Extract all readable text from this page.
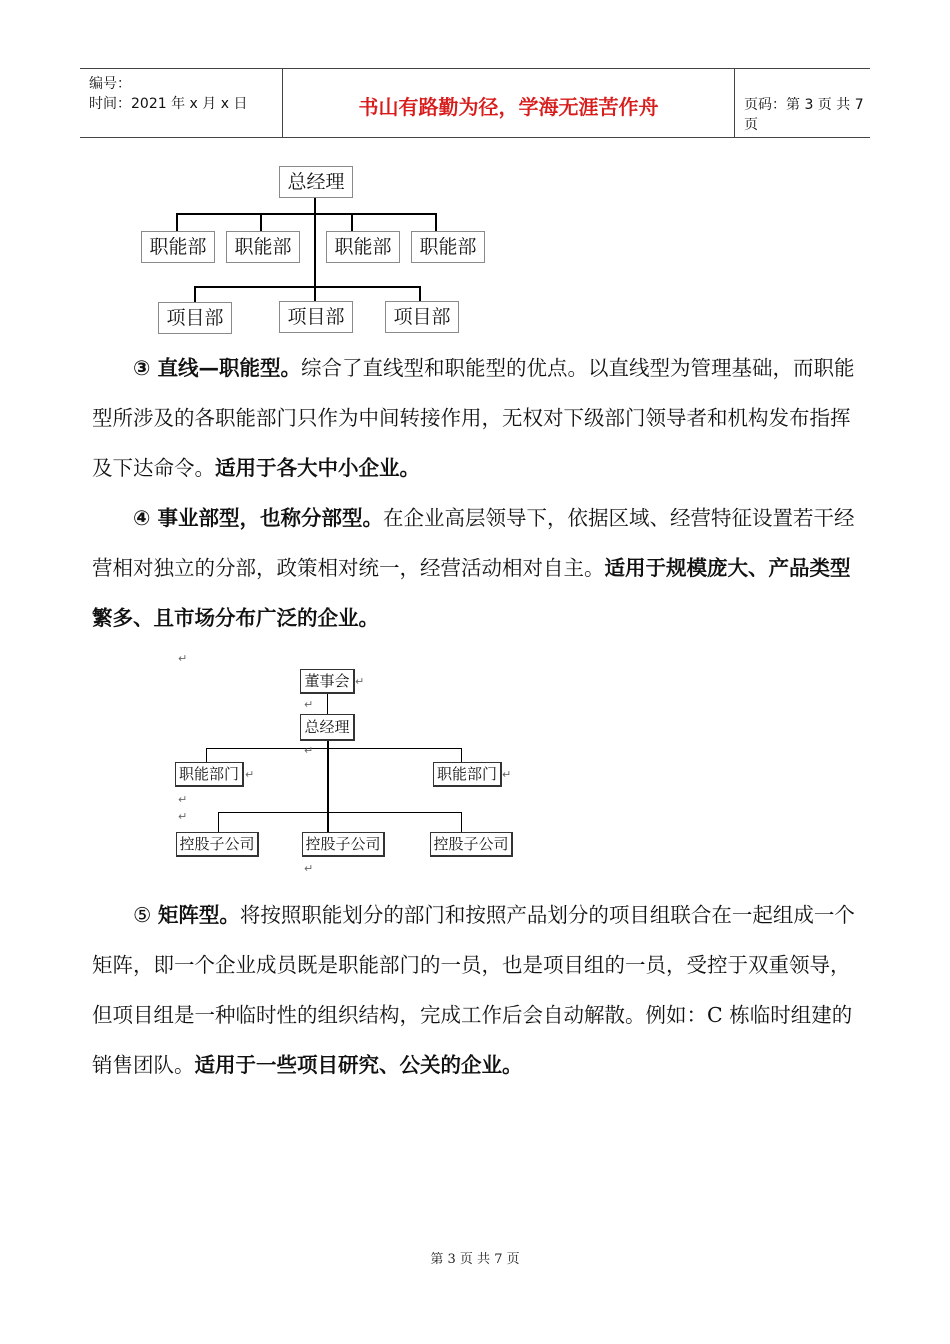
编号：
时间：2021 年 x 月 x 日	书山有路勤为径，学海无涯苦作舟	页码：第 3 页 共 7 页
总经理
职能部	职能部	职能部	职能部
项目部	项目部	项目部
③ 直线—职能型。综合了直线型和职能型的优点。以直线型为管理基础，而职能型所涉及的各职能部门只作为中间转接作用，无权对下级部门领导者和机构发布指挥及下达命令。适用于各大中小企业。
④ 事业部型，也称分部型。在企业高层领导下，依据区域、经营特征设置若干经营相对独立的分部，政策相对统一，经营活动相对自主。适用于规模庞大、产品类型繁多、且市场分布广泛的企业。
↵
董事会 ↵
↵
总经理
↵
职能部门 ↵	职能部门 ↵
↵
↵
控股子公司	控股子公司	控股子公司
↵
⑤ 矩阵型。将按照职能划分的部门和按照产品划分的项目组联合在一起组成一个矩阵，即一个企业成员既是职能部门的一员，也是项目组的一员，受控于双重领导，但项目组是一种临时性的组织结构，完成工作后会自动解散。例如：C 栋临时组建的销售团队。适用于一些项目研究、公关的企业。
第 3 页 共 7 页
